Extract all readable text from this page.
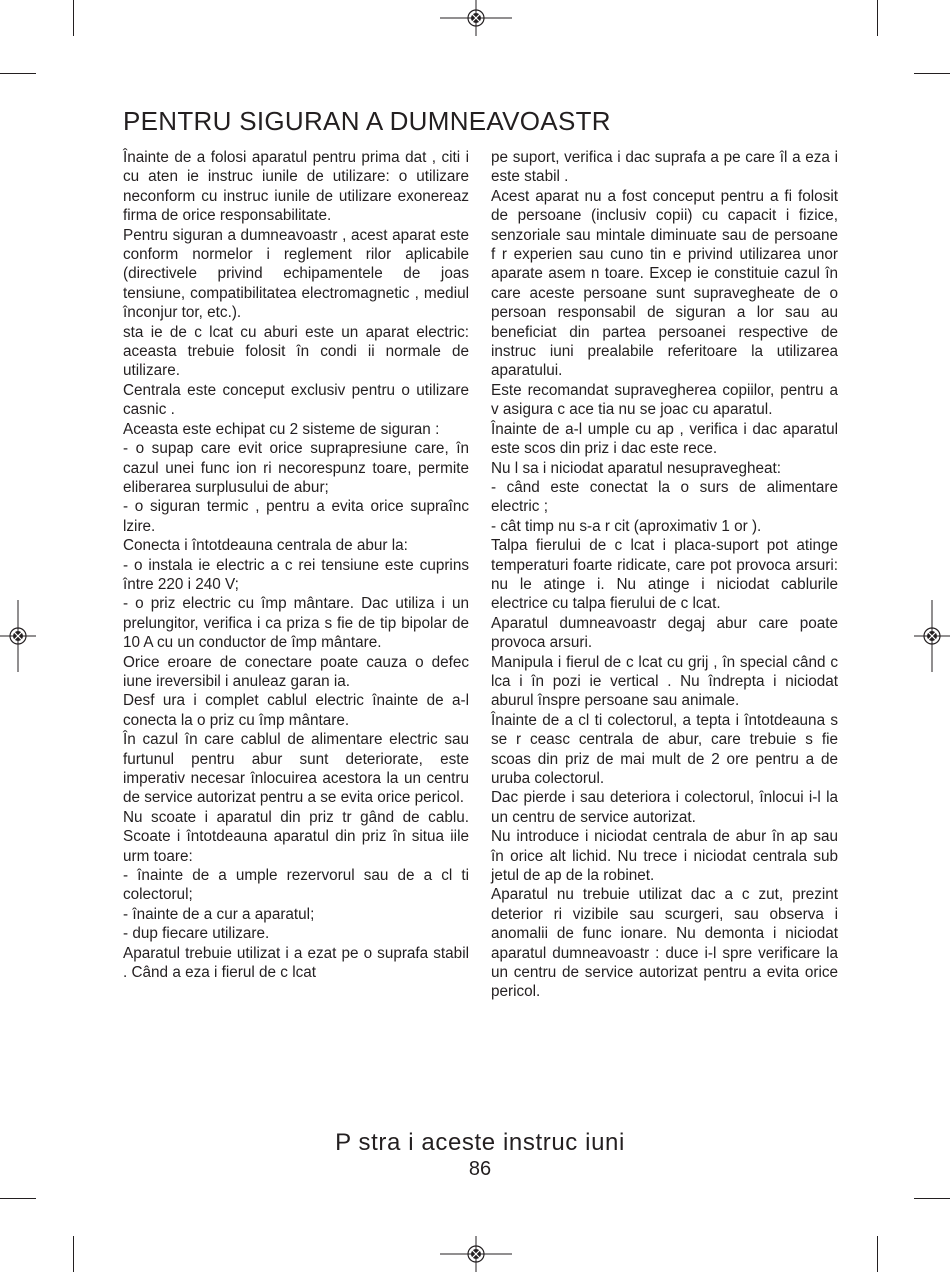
PENTRU SIGURAN A DUMNEAVOASTR

Înainte de a folosi aparatul pentru prima dat , citi i cu aten ie instruc iunile de utilizare: o utilizare neconform cu instruc iunile de utilizare exonereaz firma de orice responsabilitate.

Pentru siguran a dumneavoastr , acest aparat este conform normelor i reglement rilor aplicabile (directivele privind echipamentele de joas tensiune, compatibilitatea electromagnetic , mediul înconjur tor, etc.).

sta ie de c lcat cu aburi este un aparat electric: aceasta trebuie folosit în condi ii normale de utilizare.

Centrala este conceput exclusiv pentru o utilizare casnic .

Aceasta este echipat cu 2 sisteme de siguran :

- o supap care evit orice suprapresiune care, în cazul unei func ion ri necorespunz toare, permite eliberarea surplusului de abur;

- o siguran termic , pentru a evita orice supraînc lzire.

Conecta i întotdeauna centrala de abur la:

- o instala ie electric a c rei tensiune este cuprins între 220 i 240 V;

- o priz electric cu împ mântare. Dac utiliza i un prelungitor, verifica i ca priza s fie de tip bipolar de 10 A cu un conductor de împ mântare.

Orice eroare de conectare poate cauza o defec iune ireversibil i anuleaz garan ia.

Desf ura i complet cablul electric înainte de a-l conecta la o priz cu împ mântare.

În cazul în care cablul de alimentare electric sau furtunul pentru abur sunt deteriorate, este imperativ necesar înlocuirea acestora la un centru de service autorizat pentru a se evita orice pericol.

Nu scoate i aparatul din priz tr gând de cablu. Scoate i întotdeauna aparatul din priz în situa iile urm toare:

- înainte de a umple rezervorul sau de a cl ti colectorul;

- înainte de a cur a aparatul;

- dup fiecare utilizare.

Aparatul trebuie utilizat i a ezat pe o suprafa stabil . Când a eza i fierul de c lcat

pe suport, verifica i dac suprafa a pe care îl a eza i este stabil .

Acest aparat nu a fost conceput pentru a fi folosit de persoane (inclusiv copii) cu capacit i fizice, senzoriale sau mintale diminuate sau de persoane f r experien sau cuno tin e privind utilizarea unor aparate asem n toare. Excep ie constituie cazul în care aceste persoane sunt supravegheate de o persoan responsabil de siguran a lor sau au beneficiat din partea persoanei respective de instruc iuni prealabile referitoare la utilizarea aparatului.

Este recomandat supravegherea copiilor, pentru a v asigura c ace tia nu se joac cu aparatul.

Înainte de a-l umple cu ap , verifica i dac aparatul este scos din priz i dac este rece.

Nu l sa i niciodat aparatul nesupravegheat:

- când este conectat la o surs de alimentare electric ;

- cât timp nu s-a r cit (aproximativ 1 or ).

Talpa fierului de c lcat i placa-suport pot atinge temperaturi foarte ridicate, care pot provoca arsuri: nu le atinge i. Nu atinge i niciodat cablurile electrice cu talpa fierului de c lcat.

Aparatul dumneavoastr degaj abur care poate provoca arsuri.

Manipula i fierul de c lcat cu grij , în special când c lca i în pozi ie vertical . Nu îndrepta i niciodat aburul înspre persoane sau animale.

Înainte de a cl ti colectorul, a tepta i întotdeauna s se r ceasc centrala de abur, care trebuie s fie scoas din priz de mai mult de 2 ore pentru a de uruba colectorul.

Dac pierde i sau deteriora i colectorul, înlocui i-l la un centru de service autorizat.

Nu introduce i niciodat centrala de abur în ap sau în orice alt lichid. Nu trece i niciodat centrala sub jetul de ap de la robinet.

Aparatul nu trebuie utilizat dac a c zut, prezint deterior ri vizibile sau scurgeri, sau observa i anomalii de func ionare. Nu demonta i niciodat aparatul dumneavoastr : duce i-l spre verificare la un centru de service autorizat pentru a evita orice pericol.

P stra i aceste instruc iuni
86
